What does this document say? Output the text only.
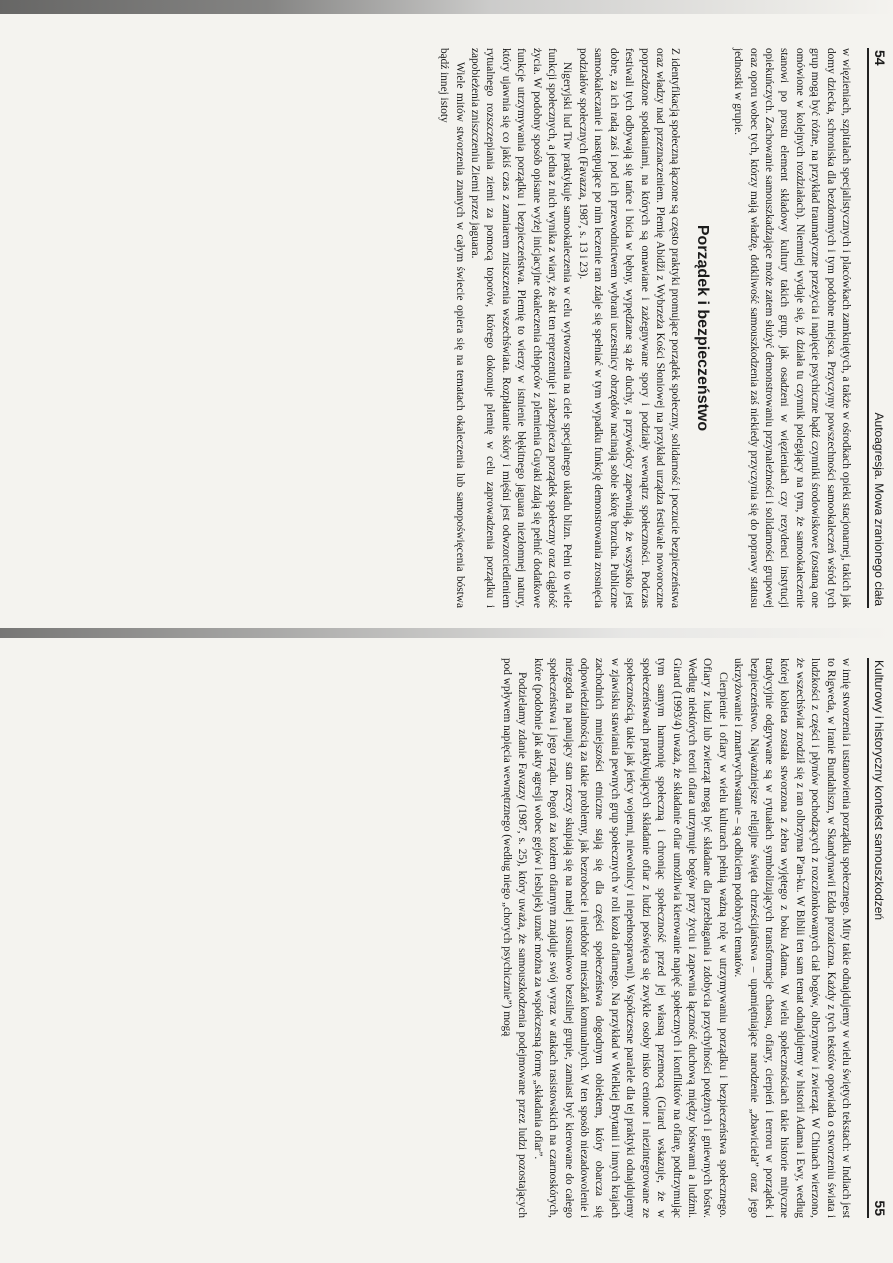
54
Autoagresja. Mowa zranionego ciała

w więzieniach, szpitalach specjalistycznych i placówkach zamkniętych, a także w ośrodkach opieki stacjonarnej, takich jak domy dziecka, schroniska dla bezdomnych i tym podobne miejsca. Przyczyny powszechności samookaleczeń wśród tych grup mogą być różne, na przykład traumatyczne przeżycia i napięcie psychiczne bądź czynniki środowiskowe (zostaną one omówione w kolejnych rozdziałach). Niemniej wydaje się, iż działa tu czynnik polegający na tym, że samookaleczenie stanowi po prostu element składowy kultury takich grup, jak osadzeni w więzieniach czy rezydenci instytucji opiekuńczych. Zachowanie samouszkadzające może zatem służyć demonstrowaniu przynależności i solidarności grupowej oraz oporu wobec tych, którzy mają władzę, dotkliwość samouszkodzenia zaś niekiedy przyczynia się do poprawy statusu jednostki w grupie.

Porządek i bezpieczeństwo

Z identyfikacją społeczną łączone są często praktyki promujące porządek społeczny, solidarność i poczucie bezpieczeństwa oraz władzy nad przeznaczeniem. Plemię Abidži z Wybrzeża Kości Słoniowej na przykład urządza festiwale noworoczne poprzedzone spotkaniami, na których są omawiane i zażegnywane spory i podziały wewnątrz społeczności. Podczas festiwali tych odbywają się tańce i bicia w bębny, wypędzane są złe duchy, a przywódcy zapewniają, że wszystko jest dobre, za ich radą zaś i pod ich przewodnictwem wybrani uczestnicy obrzędów nacinają sobie skórę brzucha. Publiczne samookaleczanie i następujące po nim leczenie ran zdaje się spełniać w tym wypadku funkcję demonstrowania zrosnięcia podziałów społecznych (Favazza, 1987, s. 13 i 23).

Nigeryjski lud Tiw praktykuje samookaleczenia w celu wytworzenia na ciele specjalnego układu blizn. Pełni to wiele funkcji społecznych, a jedna z nich wynika z wiary, że akt ten reprezentuje i zabezpiecza porządek społeczny oraz ciągłość życia. W podobny sposób opisane wyżej inicjacyjne okaleczenia chłopców z plemienia Guyaki zdają się pełnić dodatkowe funkcje utrzymywania porządku i bezpieczeństwa. Plemię to wierzy w istnienie błękitnego jaguara niezłomnej natury, który ujawnia się co jakiś czas z zamiarem zniszczenia wszechświata. Rozpłatanie skóry i mięśni jest odwzorciedleniem rytualnego rozszczepiania ziemi za pomocą toporów, którego dokonuje plemię w celu zaprowadzenia porządku i zapobieżenia zniszczeniu Ziemi przez jaguara.

Wiele mitów stworzenia znanych w całym świecie opiera się na tematach okaleczenia lub samopoświęcenia bóstwa bądź innej istoty

Kulturowy i historyczny kontekst samouszkodzeń
55

w imię stworzenia i ustanowienia porządku społecznego. Mity takie odnajdujemy w wielu świętych tekstach: w Indiach jest to Rigweda, w Iranie Bundahiszn, w Skandynawii Edda prozaiczna. Każdy z tych tekstów opowiada o stworzeniu świata i ludzkości z części i płynów pochodzących z rozczłonkowanych ciał bogów, olbrzymów i zwierząt. W Chinach wierzono, że wszechświat zrodził się z ran olbrzyma P'an-ku. W Biblii ten sam temat odnajdujemy w historii Adama i Ewy, według której kobieta została stworzona z żebra wyjętego z boku Adama. W wielu społecznościach takie historie mityczne tradycyjnie odgrywane są w rytuałach symbolizujących transformacje chaosu, ofiary, cierpień i terroru w porządek i bezpieczeństwo. Najważniejsze religijne święta chrześcijaństwa – upamiętniające narodzenie „zbawiciela” oraz jego ukrzyżowanie i zmartwychwstanie – są odbiciem podobnych tematów.

Cierpienie i ofiary w wielu kulturach pełnią ważną rolę w utrzymywaniu porządku i bezpieczeństwa społecznego. Ofiary z ludzi lub zwierząt mogą być składane dla przebłagania i zdobycia przychylności potężnych i gniewnych bóstw. Według niektórych teorii ofiara utrzymuje bogów przy życiu i zapewnia łączność duchową między bóstwami a ludźmi. Girard (1993/4) uważa, że składanie ofiar umożliwia kierowanie napięć społecznych i konfliktów na ofiarę, podtrzymując tym samym harmonię społeczną i chroniąc społeczność przed jej własną przemocą (Girard wskazuje, że w społeczeństwach praktykujących składanie ofiar z ludzi poświęca się zwykle osoby nisko cenione i niezintegrowane ze społecznością, takie jak jeńcy wojenni, niewolnicy i niepełnosprawni). Współczesne paralele dla tej praktyki odnajdujemy w zjawisku stawiania pewnych grup społecznych w roli kozła ofiarnego. Na przykład w Wielkiej Brytanii i innych krajach zachodnich mniejszości etniczne stają się dla części społeczeństwa dogodnym obiektem, który obarcza się odpowiedzialnością za takie problemy, jak bezrobocie i niedobór mieszkań komunalnych. W ten sposób niezadowolenie i niezgoda na panujący stan rzeczy skupiają się na małej i stosunkowo bezsilnej grupie, zamiast być kierowane do całego społeczeństwa i jego rządu. Pogoń za kozłem ofiarnym znajduje swój wyraz w atakach rasistowskich na czarnoskórych, które (podobnie jak akty agresji wobec gejów i lesbijek) uznać można za współczesną formę „składania ofiar”.

Podzielamy zdanie Favazzy (1987, s. 25), który uważa, że samouszkodzenia podejmowane przez ludzi pozostających pod wpływem napięcia wewnętrznego (według niego „chorych psychicznie”) mogą
